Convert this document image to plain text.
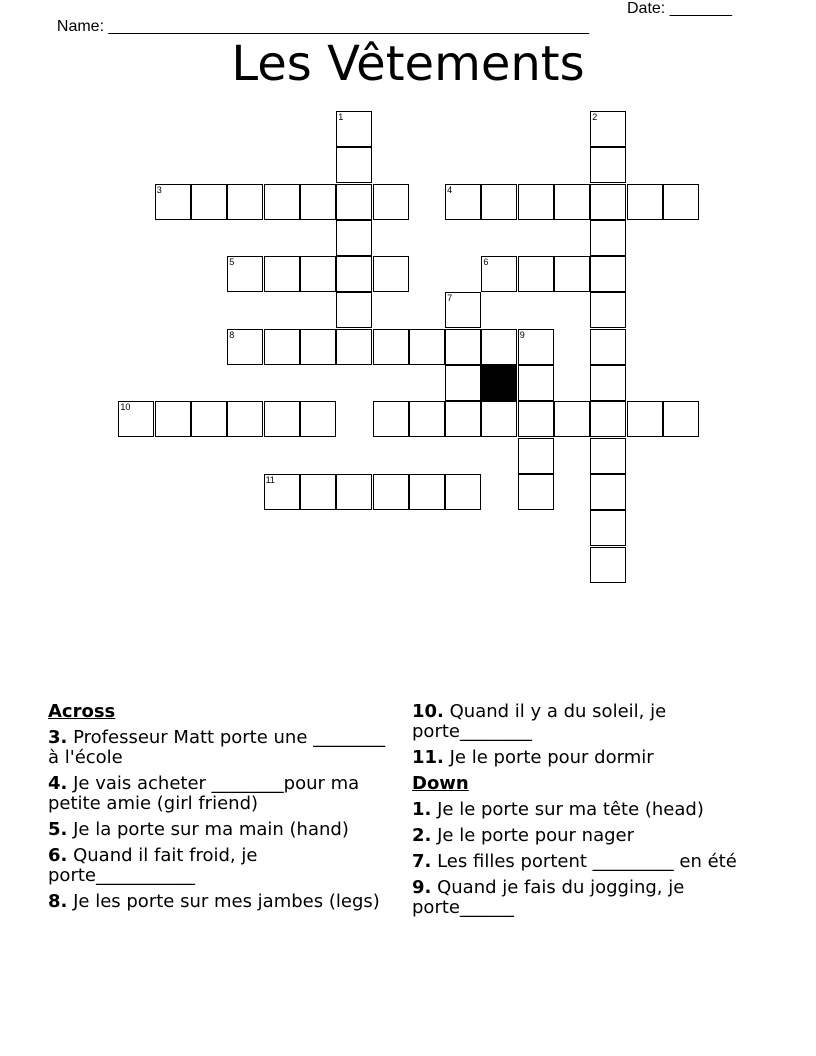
Name: ______________________________________________________

Date: _______

Les Vêtements
1	2
3	4
5	6
7
8	9
10
11
Across
3. Professeur Matt porte une ________ à l'école
4. Je vais acheter ________pour ma petite amie (girl friend)
5. Je la porte sur ma main (hand)
6. Quand il fait froid, je porte___________
8. Je les porte sur mes jambes (legs)
10. Quand il y a du soleil, je porte________
11. Je le porte pour dormir
Down
1. Je le porte sur ma tête (head)
2. Je le porte pour nager
7. Les filles portent _________ en été
9. Quand je fais du jogging, je porte______
